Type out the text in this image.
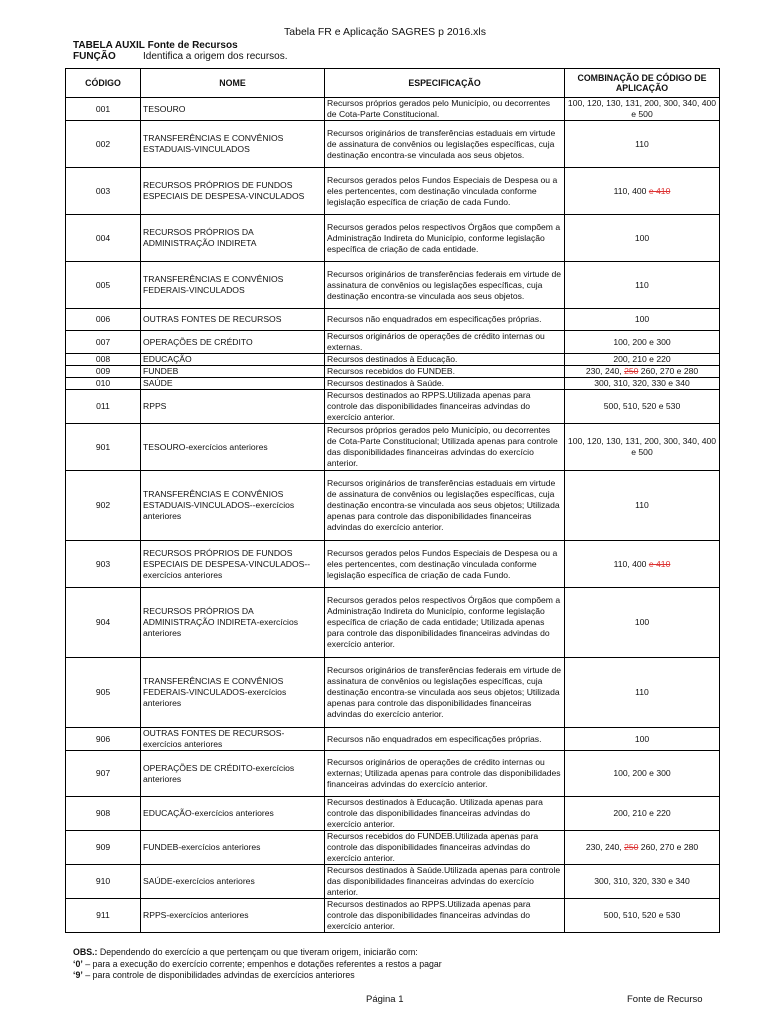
Tabela FR e Aplicação SAGRES p 2016.xls
TABELA AUXIL Fonte de Recursos
FUNÇÃO	Identifica a origem dos recursos.
CÓDIGO	NOME	ESPECIFICAÇÃO	COMBINAÇÃO DE CÓDIGO DE APLICAÇÃO
001	TESOURO	Recursos próprios gerados pelo Município, ou decorrentes de Cota-Parte Constitucional.	100, 120, 130, 131, 200, 300, 340, 400 e 500
002	TRANSFERÊNCIAS E CONVÊNIOS ESTADUAIS-VINCULADOS	Recursos originários de transferências estaduais em virtude de assinatura de convênios ou legislações específicas, cuja destinação encontra-se vinculada aos seus objetos.	110
003	RECURSOS PRÓPRIOS DE FUNDOS ESPECIAIS DE DESPESA-VINCULADOS	Recursos gerados pelos Fundos Especiais de Despesa ou a eles pertencentes, com destinação vinculada conforme legislação específica de criação de cada Fundo.	110, 400 e 410
004	RECURSOS PRÓPRIOS DA ADMINISTRAÇÃO INDIRETA	Recursos gerados pelos respectivos Órgãos que compõem a Administração Indireta do Município, conforme legislação específica de criação de cada entidade.	100
005	TRANSFERÊNCIAS E CONVÊNIOS FEDERAIS-VINCULADOS	Recursos originários de transferências federais em virtude de assinatura de convênios ou legislações específicas, cuja destinação encontra-se vinculada aos seus objetos.	110
006	OUTRAS FONTES DE RECURSOS	Recursos não enquadrados em especificações próprias.	100
007	OPERAÇÕES DE CRÉDITO	Recursos originários de operações de crédito internas ou externas.	100, 200 e 300
008	EDUCAÇÃO	Recursos destinados à Educação.	200, 210 e 220
009	FUNDEB	Recursos recebidos do FUNDEB.	230, 240, 250 260, 270 e 280
010	SAÚDE	Recursos destinados à Saúde.	300, 310, 320, 330 e 340
011	RPPS	Recursos destinados ao RPPS.Utilizada apenas para controle das disponibilidades financeiras advindas do exercício anterior.	500, 510, 520 e 530
901	TESOURO-exercícios anteriores	Recursos próprios gerados pelo Município, ou decorrentes de Cota-Parte Constitucional; Utilizada apenas para controle das disponibilidades financeiras advindas do exercício anterior.	100, 120, 130, 131, 200, 300, 340, 400 e 500
902	TRANSFERÊNCIAS E CONVÊNIOS ESTADUAIS-VINCULADOS--exercícios anteriores	Recursos originários de transferências estaduais em virtude de assinatura de convênios ou legislações específicas, cuja destinação encontra-se vinculada aos seus objetos; Utilizada apenas para controle das disponibilidades financeiras advindas do exercício anterior.	110
903	RECURSOS PRÓPRIOS DE FUNDOS ESPECIAIS DE DESPESA-VINCULADOS--exercícios anteriores	Recursos gerados pelos Fundos Especiais de Despesa ou a eles pertencentes, com destinação vinculada conforme legislação específica de criação de cada Fundo.	110, 400 e 410
904	RECURSOS PRÓPRIOS DA ADMINISTRAÇÃO INDIRETA-exercícios anteriores	Recursos gerados pelos respectivos Órgãos que compõem a Administração Indireta do Município, conforme legislação específica de criação de cada entidade; Utilizada apenas para controle das disponibilidades financeiras advindas do exercício anterior.	100
905	TRANSFERÊNCIAS E CONVÊNIOS FEDERAIS-VINCULADOS-exercícios anteriores	Recursos originários de transferências federais em virtude de assinatura de convênios ou legislações específicas, cuja destinação encontra-se vinculada aos seus objetos; Utilizada apenas para controle das disponibilidades financeiras advindas do exercício anterior.	110
906	OUTRAS FONTES DE RECURSOS-exercícios anteriores	Recursos não enquadrados em especificações próprias.	100
907	OPERAÇÕES DE CRÉDITO-exercícios anteriores	Recursos originários de operações de crédito internas ou externas; Utilizada apenas para controle das disponibilidades financeiras advindas do exercício anterior.	100, 200 e 300
908	EDUCAÇÃO-exercícios anteriores	Recursos destinados à Educação. Utilizada apenas para controle das disponibilidades financeiras advindas do exercício anterior.	200, 210 e 220
909	FUNDEB-exercícios anteriores	Recursos recebidos do FUNDEB.Utilizada apenas para controle das disponibilidades financeiras advindas do exercício anterior.	230, 240, 250 260, 270 e 280
910	SAÚDE-exercícios anteriores	Recursos destinados à Saúde.Utilizada apenas para controle das disponibilidades financeiras advindas do exercício anterior.	300, 310, 320, 330 e 340
911	RPPS-exercícios anteriores	Recursos destinados ao RPPS.Utilizada apenas para controle das disponibilidades financeiras advindas do exercício anterior.	500, 510, 520 e 530
OBS.: Dependendo do exercício a que pertençam ou que tiveram origem, iniciarão com:
‘0’ – para a execução do exercício corrente; empenhos e dotações referentes a restos a pagar
‘9’ – para controle de disponibilidades advindas de exercícios anteriores
Página 1	Fonte de Recurso
